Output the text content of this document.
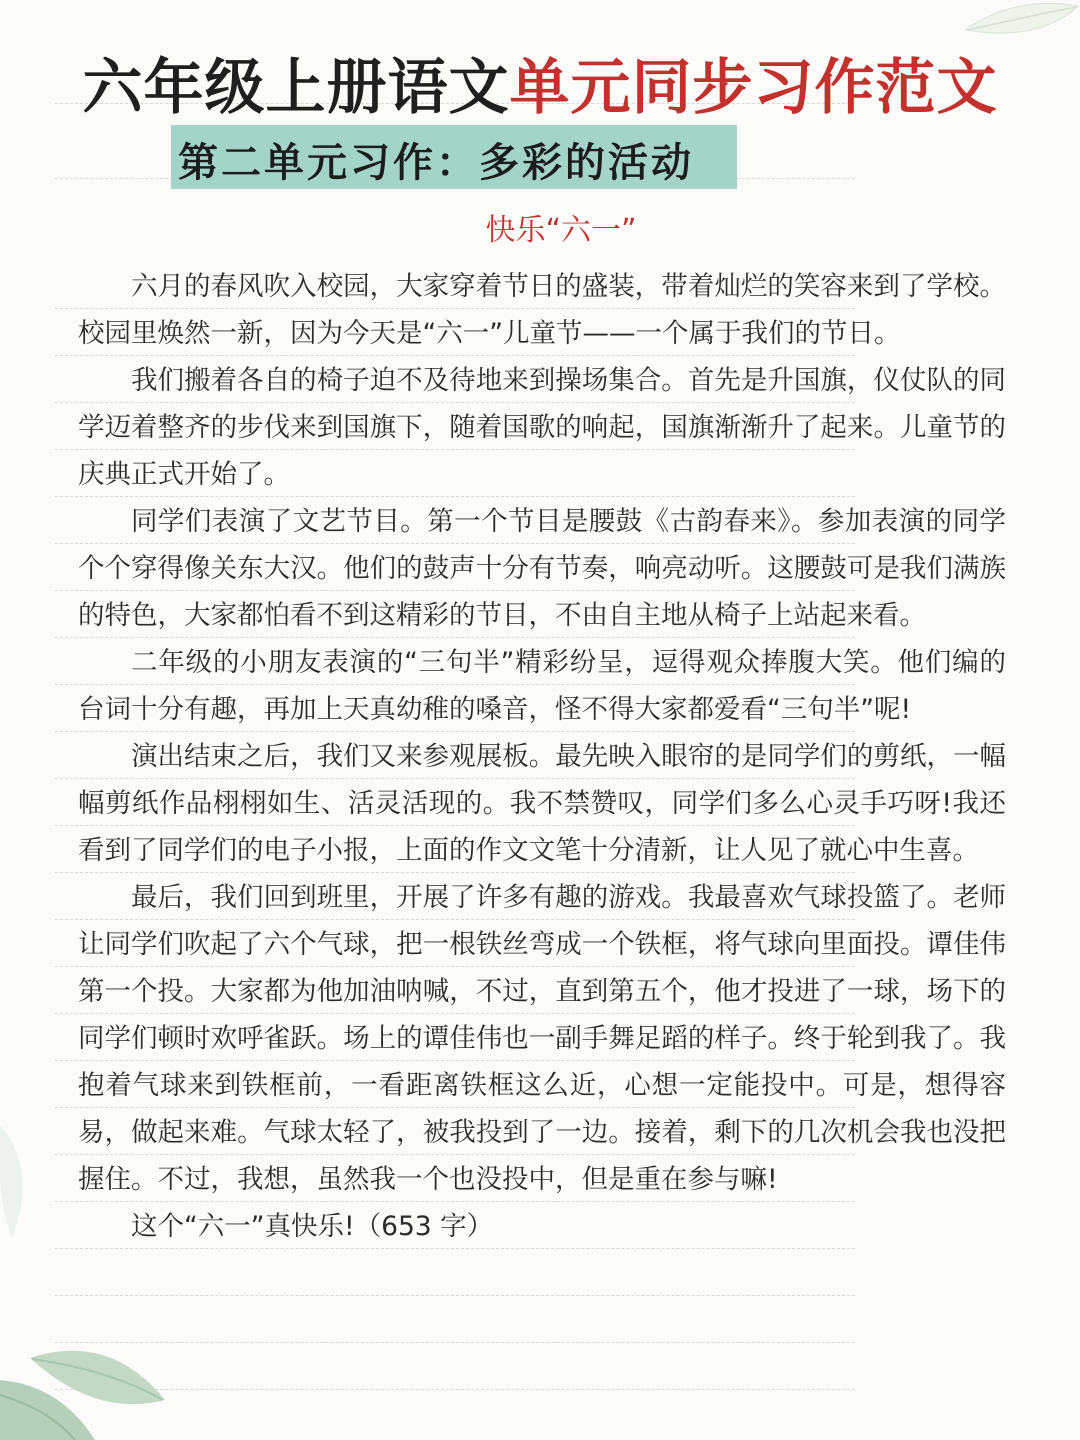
六年级上册语文单元同步习作范文
第二单元习作：多彩的活动
快乐“六一”

六月的春风吹入校园，大家穿着节日的盛装，带着灿烂的笑容来到了学校。校园里焕然一新，因为今天是“六一”儿童节——一个属于我们的节日。

我们搬着各自的椅子迫不及待地来到操场集合。首先是升国旗，仪仗队的同学迈着整齐的步伐来到国旗下，随着国歌的响起，国旗渐渐升了起来。儿童节的庆典正式开始了。

同学们表演了文艺节目。第一个节目是腰鼓《古韵春来》。参加表演的同学个个穿得像关东大汉。他们的鼓声十分有节奏，响亮动听。这腰鼓可是我们满族的特色，大家都怕看不到这精彩的节目，不由自主地从椅子上站起来看。

二年级的小朋友表演的“三句半”精彩纷呈，逗得观众捧腹大笑。他们编的台词十分有趣，再加上天真幼稚的嗓音，怪不得大家都爱看“三句半”呢!

演出结束之后，我们又来参观展板。最先映入眼帘的是同学们的剪纸，一幅幅剪纸作品栩栩如生、活灵活现的。我不禁赞叹，同学们多么心灵手巧呀!我还看到了同学们的电子小报，上面的作文文笔十分清新，让人见了就心中生喜。

最后，我们回到班里，开展了许多有趣的游戏。我最喜欢气球投篮了。老师让同学们吹起了六个气球，把一根铁丝弯成一个铁框，将气球向里面投。谭佳伟第一个投。大家都为他加油呐喊，不过，直到第五个，他才投进了一球，场下的同学们顿时欢呼雀跃。场上的谭佳伟也一副手舞足蹈的样子。终于轮到我了。我抱着气球来到铁框前，一看距离铁框这么近，心想一定能投中。可是，想得容易，做起来难。气球太轻了，被我投到了一边。接着，剩下的几次机会我也没把握住。不过，我想，虽然我一个也没投中，但是重在参与嘛!

这个“六一”真快乐!（653 字）
